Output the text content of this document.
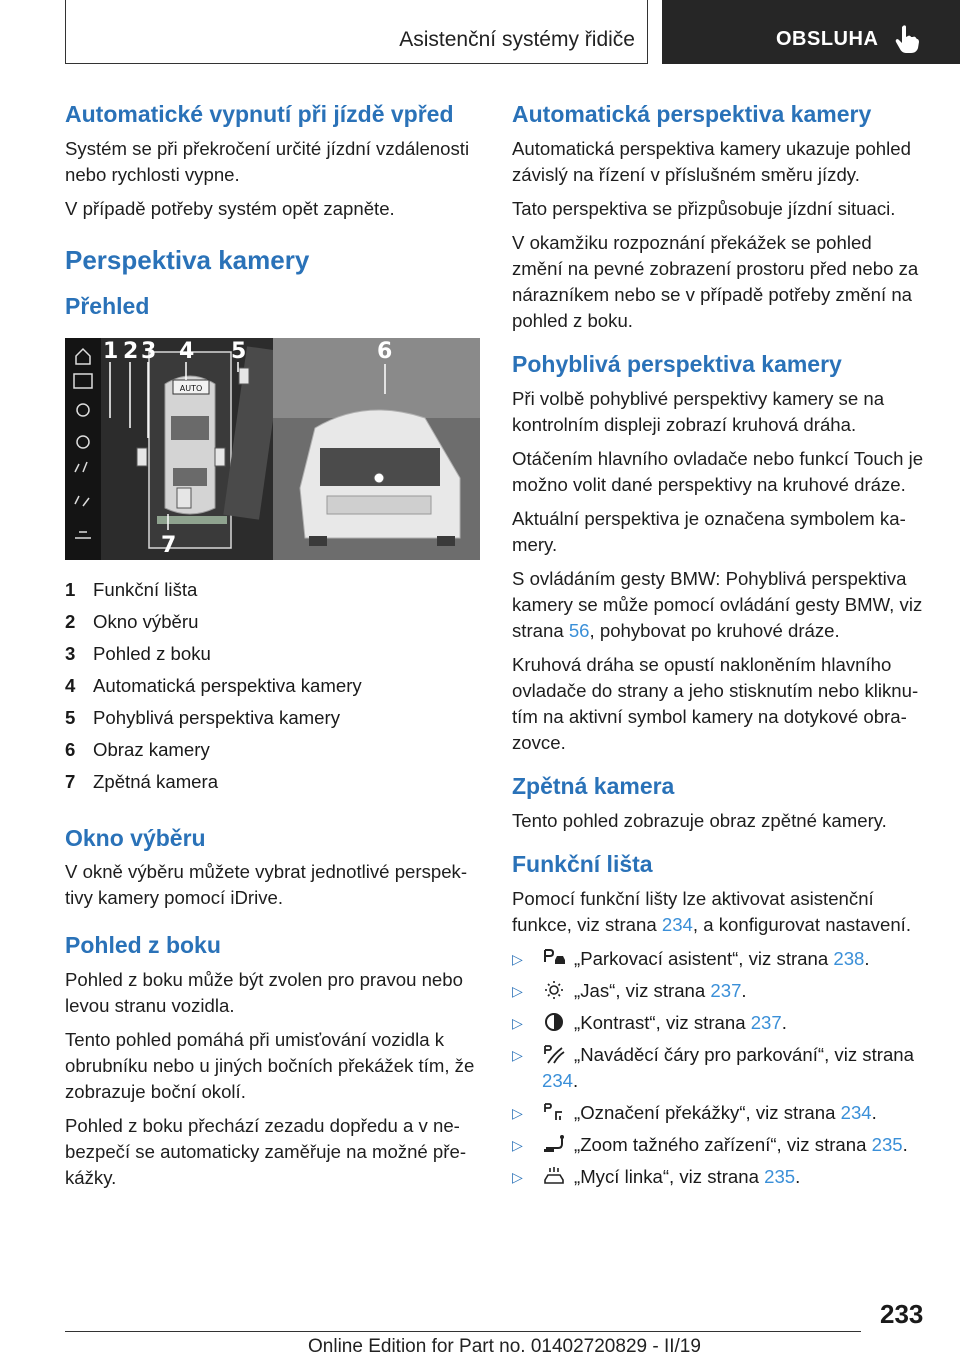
Asistenční systémy řidiče	OBSLUHA
Automatické vypnutí při jízdě vpřed

Systém se při překročení určité jízdní vzdálenosti nebo rychlosti vypne.

V případě potřeby systém opět zapněte.

Perspektiva kamery
Přehled
AUTO
1 2 3 4 5	6
7
1 Funkční lišta
2 Okno výběru
3 Pohled z boku
4 Automatická perspektiva kamery
5 Pohyblivá perspektiva kamery
6 Obraz kamery
7 Zpětná kamera
Okno výběru

V okně výběru můžete vybrat jednotlivé perspektivy kamery pomocí iDrive.

Pohled z boku

Pohled z boku může být zvolen pro pravou nebo levou stranu vozidla.

Tento pohled pomáhá při umisťování vozidla k obrubníku nebo u jiných bočních překážek tím, že zobrazuje boční okolí.

Pohled z boku přechází zezadu dopředu a v nebezpečí se automaticky zaměřuje na možné překážky.

Automatická perspektiva kamery

Automatická perspektiva kamery ukazuje pohled závislý na řízení v příslušném směru jízdy.

Tato perspektiva se přizpůsobuje jízdní situaci.

V okamžiku rozpoznání překážek se pohled změní na pevné zobrazení prostoru před nebo za nárazníkem nebo se v případě potřeby změní na pohled z boku.

Pohyblivá perspektiva kamery

Při volbě pohyblivé perspektivy kamery se na kontrolním displeji zobrazí kruhová dráha.

Otáčením hlavního ovladače nebo funkcí Touch je možno volit dané perspektivy na kruhové dráze.

Aktuální perspektiva je označena symbolem kamery.

S ovládáním gesty BMW: Pohyblivá perspektiva kamery se může pomocí ovládání gesty BMW, viz strana 56, pohybovat po kruhové dráze.

Kruhová dráha se opustí nakloněním hlavního ovladače do strany a jeho stisknutím nebo kliknutím na aktivní symbol kamery na dotykové obrazovce.

Zpětná kamera

Tento pohled zobrazuje obraz zpětné kamery.

Funkční lišta

Pomocí funkční lišty lze aktivovat asistenční funkce, viz strana 234, a konfigurovat nastavení.

▷	„Parkovací asistent“, viz strana 238.
▷	„Jas“, viz strana 237.
▷	„Kontrast“, viz strana 237.
▷	„Naváděcí čáry pro parkování“, viz strana 234.
▷	„Označení překážky“, viz strana 234.
▷	„Zoom tažného zařízení“, viz strana 235.
▷	„Mycí linka“, viz strana 235.
233
Online Edition for Part no. 01402720829 - II/19
